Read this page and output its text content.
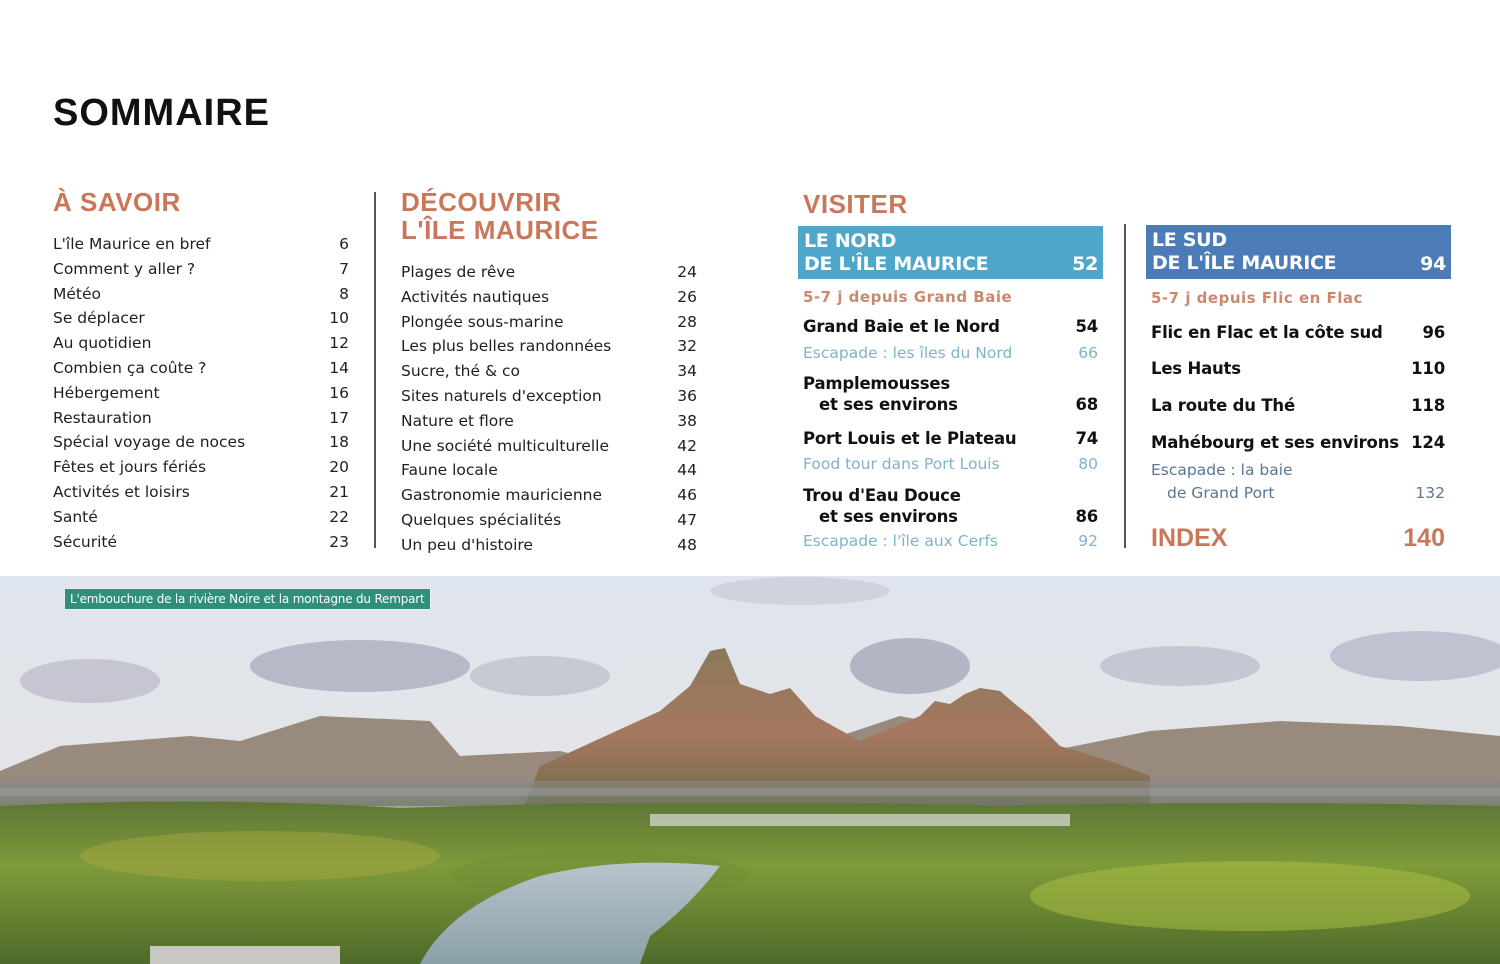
SOMMAIRE
À SAVOIR
L'île Maurice en bref	6
Comment y aller ?	7
Météo	8
Se déplacer	10
Au quotidien	12
Combien ça coûte ?	14
Hébergement	16
Restauration	17
Spécial voyage de noces	18
Fêtes et jours fériés	20
Activités et loisirs	21
Santé	22
Sécurité	23
DÉCOUVRIR
L'ÎLE MAURICE
Plages de rêve	24
Activités nautiques	26
Plongée sous-marine	28
Les plus belles randonnées	32
Sucre, thé & co	34
Sites naturels d'exception	36
Nature et flore	38
Une société multiculturelle	42
Faune locale	44
Gastronomie mauricienne	46
Quelques spécialités	47
Un peu d'histoire	48
VISITER
LE NORD
DE L'ÎLE MAURICE	52
5-7 j depuis Grand Baie
Grand Baie et le Nord	54
Escapade : les îles du Nord	66
Pamplemousses
et ses environs	68
Port Louis et le Plateau	74
Food tour dans Port Louis	80
Trou d'Eau Douce
et ses environs	86
Escapade : l'île aux Cerfs	92
LE SUD
DE L'ÎLE MAURICE	94
5-7 j depuis Flic en Flac
Flic en Flac et la côte sud 96
Les Hauts	110
La route du Thé	118
Mahébourg et ses environs 124
Escapade : la baie
de Grand Port	132
INDEX	140
L'embouchure de la rivière Noire et la montagne du Rempart
